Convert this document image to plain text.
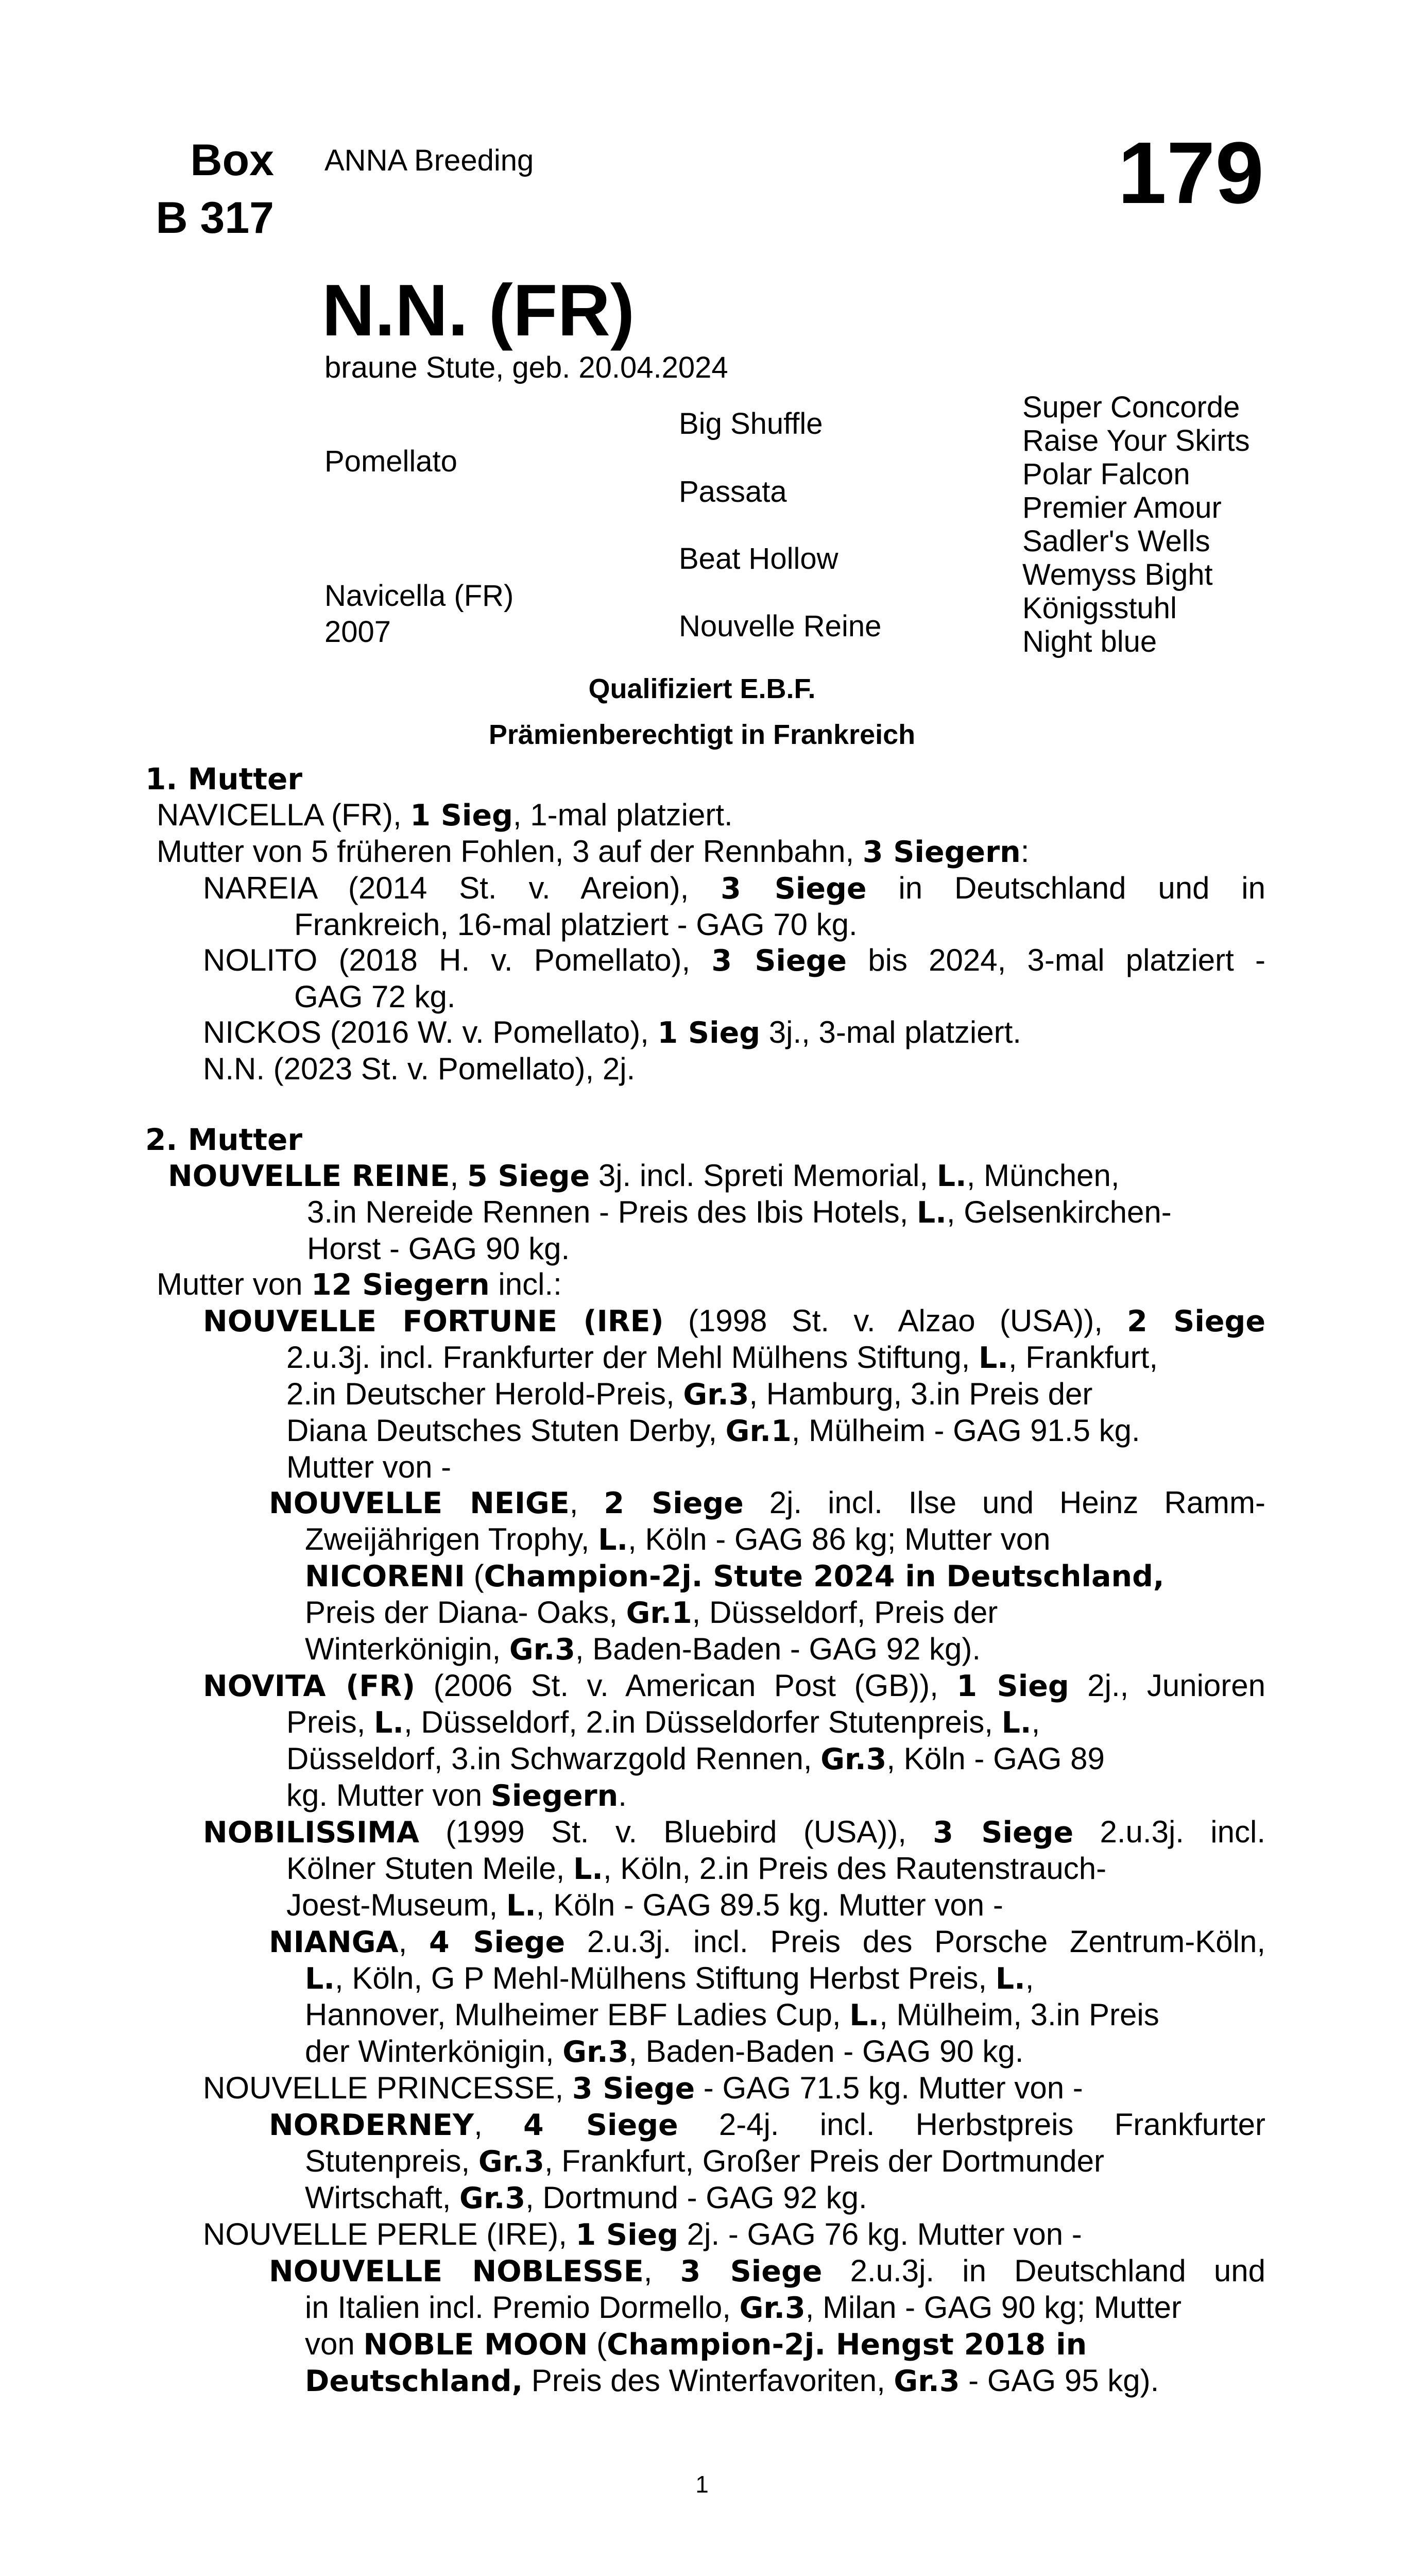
Box
B 317
ANNA Breeding	179
N.N. (FR)
braune Stute, geb. 20.04.2024
Pomellato
Navicella (FR)
2007
Big Shuffle
Passata
Beat Hollow
Nouvelle Reine
Super Concorde
Raise Your Skirts
Polar Falcon
Premier Amour
Sadler's Wells
Wemyss Bight
Königsstuhl
Night blue
Qualifiziert E.B.F.
Prämienberechtigt in Frankreich
1. Mutter
NAVICELLA (FR), 1 Sieg, 1-mal platziert.
Mutter von 5 früheren Fohlen, 3 auf der Rennbahn, 3 Siegern:
NAREIA (2014 St. v. Areion), 3 Siege in Deutschland und in
Frankreich, 16-mal platziert - GAG 70 kg.
NOLITO (2018 H. v. Pomellato), 3 Siege bis 2024, 3-mal platziert -
GAG 72 kg.
NICKOS (2016 W. v. Pomellato), 1 Sieg 3j., 3-mal platziert.
N.N. (2023 St. v. Pomellato), 2j.
2. Mutter
NOUVELLE REINE, 5 Siege 3j. incl. Spreti Memorial, L., München,
3.in Nereide Rennen - Preis des Ibis Hotels, L., Gelsenkirchen-
Horst - GAG 90 kg.
Mutter von 12 Siegern incl.:
NOUVELLE FORTUNE (IRE) (1998 St. v. Alzao (USA)), 2 Siege
2.u.3j. incl. Frankfurter der Mehl Mülhens Stiftung, L., Frankfurt,
2.in Deutscher Herold-Preis, Gr.3, Hamburg, 3.in Preis der
Diana Deutsches Stuten Derby, Gr.1, Mülheim - GAG 91.5 kg.
Mutter von -
NOUVELLE NEIGE, 2 Siege 2j. incl. Ilse und Heinz Ramm-
Zweijährigen Trophy, L., Köln - GAG 86 kg; Mutter von
NICORENI (Champion-2j. Stute 2024 in Deutschland,
Preis der Diana- Oaks, Gr.1, Düsseldorf, Preis der
Winterkönigin, Gr.3, Baden-Baden - GAG 92 kg).
NOVITA (FR) (2006 St. v. American Post (GB)), 1 Sieg 2j., Junioren
Preis, L., Düsseldorf, 2.in Düsseldorfer Stutenpreis, L.,
Düsseldorf, 3.in Schwarzgold Rennen, Gr.3, Köln - GAG 89
kg. Mutter von Siegern.
NOBILISSIMA (1999 St. v. Bluebird (USA)), 3 Siege 2.u.3j. incl.
Kölner Stuten Meile, L., Köln, 2.in Preis des Rautenstrauch-
Joest-Museum, L., Köln - GAG 89.5 kg. Mutter von -
NIANGA, 4 Siege 2.u.3j. incl. Preis des Porsche Zentrum-Köln,
L., Köln, G P Mehl-Mülhens Stiftung Herbst Preis, L.,
Hannover, Mulheimer EBF Ladies Cup, L., Mülheim, 3.in Preis
der Winterkönigin, Gr.3, Baden-Baden - GAG 90 kg.
NOUVELLE PRINCESSE, 3 Siege - GAG 71.5 kg. Mutter von -
NORDERNEY, 4 Siege 2-4j. incl. Herbstpreis Frankfurter
Stutenpreis, Gr.3, Frankfurt, Großer Preis der Dortmunder
Wirtschaft, Gr.3, Dortmund - GAG 92 kg.
NOUVELLE PERLE (IRE), 1 Sieg 2j. - GAG 76 kg. Mutter von -
NOUVELLE NOBLESSE, 3 Siege 2.u.3j. in Deutschland und
in Italien incl. Premio Dormello, Gr.3, Milan - GAG 90 kg; Mutter
von NOBLE MOON (Champion-2j. Hengst 2018 in
Deutschland, Preis des Winterfavoriten, Gr.3 - GAG 95 kg).
1
